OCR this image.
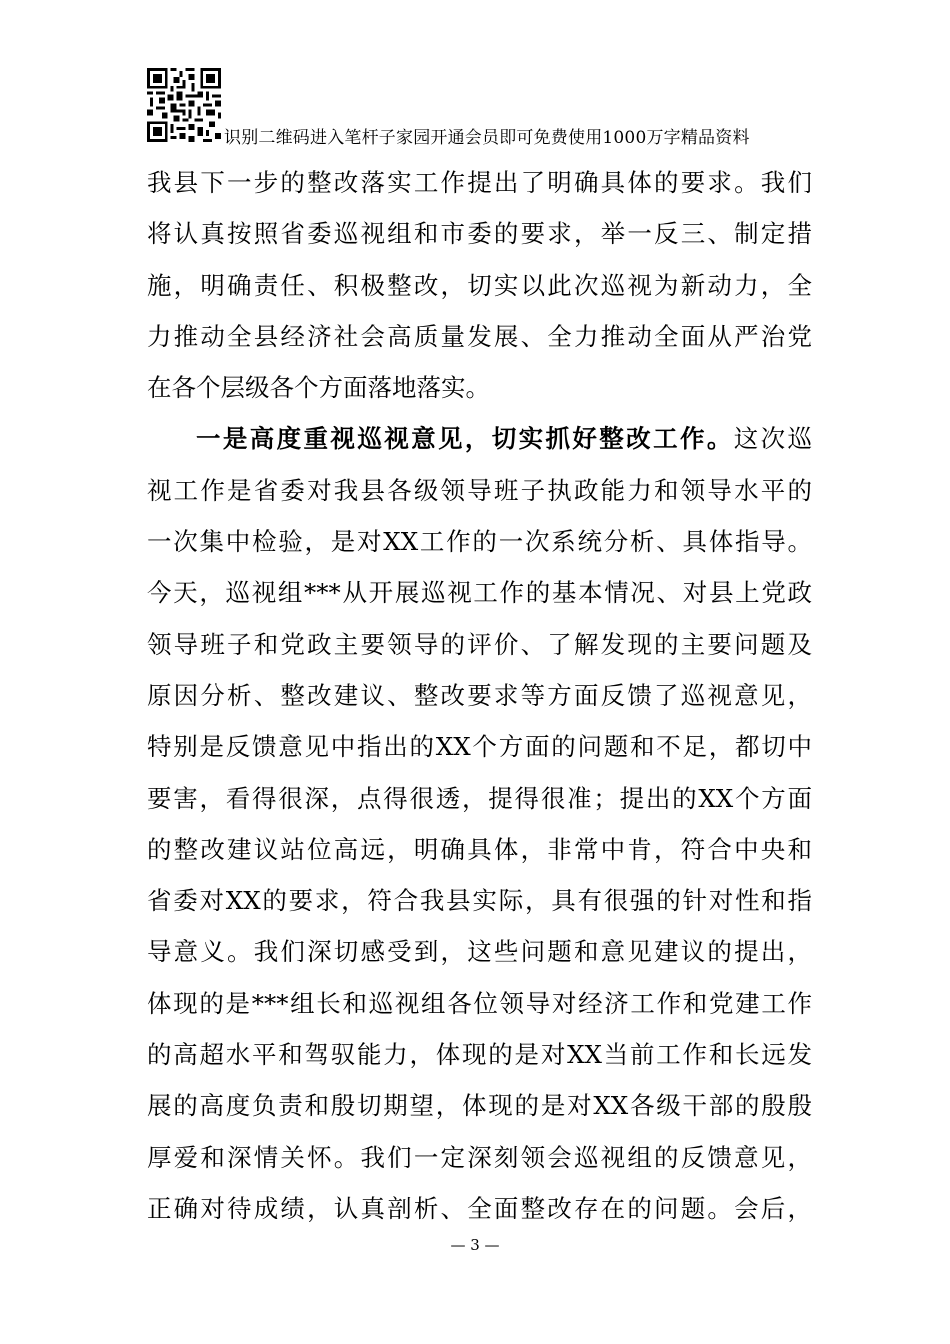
识别二维码进入笔杆子家园开通会员即可免费使用1000万字精品资料
我县下一步的整改落实工作提出了明确具体的要求。我们
将认真按照省委巡视组和市委的要求，举一反三、制定措
施，明确责任、积极整改，切实以此次巡视为新动力，全
力推动全县经济社会高质量发展、全力推动全面从严治党
在各个层级各个方面落地落实。
一是高度重视巡视意见，切实抓好整改工作。这次巡
视工作是省委对我县各级领导班子执政能力和领导水平的
一次集中检验，是对XX工作的一次系统分析、具体指导。
今天，巡视组***从开展巡视工作的基本情况、对县上党政
领导班子和党政主要领导的评价、了解发现的主要问题及
原因分析、整改建议、整改要求等方面反馈了巡视意见，
特别是反馈意见中指出的XX个方面的问题和不足，都切中
要害，看得很深，点得很透，提得很准；提出的XX个方面
的整改建议站位高远，明确具体，非常中肯，符合中央和
省委对XX的要求，符合我县实际，具有很强的针对性和指
导意义。我们深切感受到，这些问题和意见建议的提出，
体现的是***组长和巡视组各位领导对经济工作和党建工作
的高超水平和驾驭能力，体现的是对XX当前工作和长远发
展的高度负责和殷切期望，体现的是对XX各级干部的殷殷
厚爱和深情关怀。我们一定深刻领会巡视组的反馈意见，
正确对待成绩，认真剖析、全面整改存在的问题。会后，
— 3 —
